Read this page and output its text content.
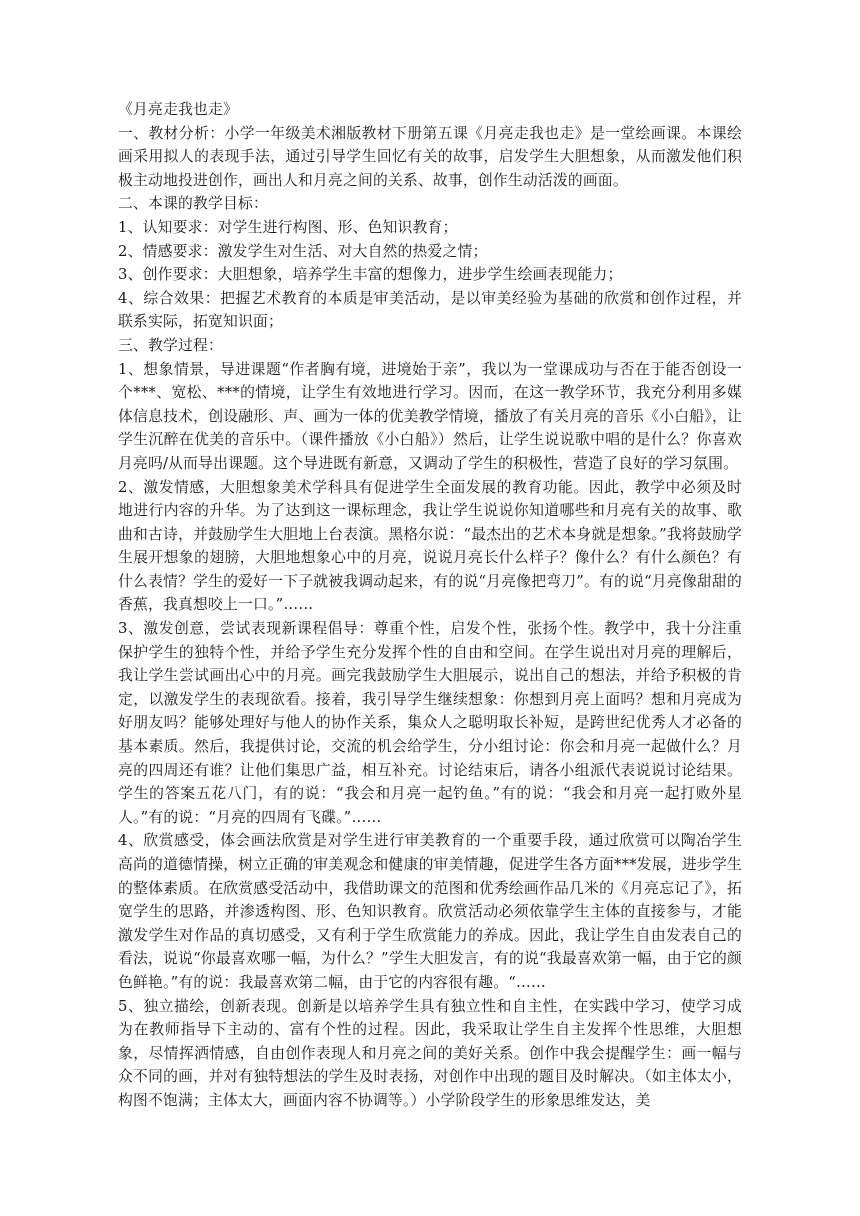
《月亮走我也走》

一、教材分析：小学一年级美术湘版教材下册第五课《月亮走我也走》是一堂绘画课。本课绘画采用拟人的表现手法，通过引导学生回忆有关的故事，启发学生大胆想象，从而激发他们积极主动地投进创作，画出人和月亮之间的关系、故事，创作生动活泼的画面。

二、本课的教学目标：

1、认知要求：对学生进行构图、形、色知识教育；

2、情感要求：激发学生对生活、对大自然的热爱之情；

3、创作要求：大胆想象，培养学生丰富的想像力，进步学生绘画表现能力；

4、综合效果：把握艺术教育的本质是审美活动，是以审美经验为基础的欣赏和创作过程，并联系实际，拓宽知识面；

三、教学过程：

1、想象情景，导进课题“作者胸有境，进境始于亲”，我以为一堂课成功与否在于能否创设一个***、宽松、***的情境，让学生有效地进行学习。因而，在这一教学环节，我充分利用多媒体信息技术，创设融形、声、画为一体的优美教学情境，播放了有关月亮的音乐《小白船》，让学生沉醉在优美的音乐中。（课件播放《小白船》）然后，让学生说说歌中唱的是什么？你喜欢月亮吗/从而导出课题。这个导进既有新意，又调动了学生的积极性，营造了良好的学习氛围。

2、激发情感，大胆想象美术学科具有促进学生全面发展的教育功能。因此，教学中必须及时地进行内容的升华。为了达到这一课标理念，我让学生说说你知道哪些和月亮有关的故事、歌曲和古诗，并鼓励学生大胆地上台表演。黑格尔说：“最杰出的艺术本身就是想象。”我将鼓励学生展开想象的翅膀，大胆地想象心中的月亮，说说月亮长什么样子？像什么？有什么颜色？有什么表情？学生的爱好一下子就被我调动起来，有的说“月亮像把弯刀”。有的说“月亮像甜甜的香蕉，我真想咬上一口。”……

3、激发创意，尝试表现新课程倡导：尊重个性，启发个性，张扬个性。教学中，我十分注重保护学生的独特个性，并给予学生充分发挥个性的自由和空间。在学生说出对月亮的理解后，我让学生尝试画出心中的月亮。画完我鼓励学生大胆展示，说出自己的想法，并给予积极的肯定，以激发学生的表现欲看。接着，我引导学生继续想象：你想到月亮上面吗？想和月亮成为好朋友吗？能够处理好与他人的协作关系，集众人之聪明取长补短，是跨世纪优秀人才必备的基本素质。然后，我提供讨论，交流的机会给学生，分小组讨论：你会和月亮一起做什么？月亮的四周还有谁？让他们集思广益，相互补充。讨论结束后，请各小组派代表说说讨论结果。学生的答案五花八门，有的说：“我会和月亮一起钓鱼。”有的说：“我会和月亮一起打败外星人。”有的说：“月亮的四周有飞碟。”……

4、欣赏感受，体会画法欣赏是对学生进行审美教育的一个重要手段，通过欣赏可以陶冶学生高尚的道德情操，树立正确的审美观念和健康的审美情趣，促进学生各方面***发展，进步学生的整体素质。在欣赏感受活动中，我借助课文的范图和优秀绘画作品几米的《月亮忘记了》，拓宽学生的思路，并渗透构图、形、色知识教育。欣赏活动必须依靠学生主体的直接参与，才能激发学生对作品的真切感受，又有利于学生欣赏能力的养成。因此，我让学生自由发表自己的看法，说说“你最喜欢哪一幅，为什么？”学生大胆发言，有的说“我最喜欢第一幅，由于它的颜色鲜艳。”有的说：我最喜欢第二幅，由于它的内容很有趣。“……

5、独立描绘，创新表现。创新是以培养学生具有独立性和自主性，在实践中学习，使学习成为在教师指导下主动的、富有个性的过程。因此，我采取让学生自主发挥个性思维，大胆想象，尽情挥洒情感，自由创作表现人和月亮之间的美好关系。创作中我会提醒学生：画一幅与众不同的画，并对有独特想法的学生及时表扬，对创作中出现的题目及时解决。（如主体太小，构图不饱满；主体太大，画面内容不协调等。）小学阶段学生的形象思维发达，美
